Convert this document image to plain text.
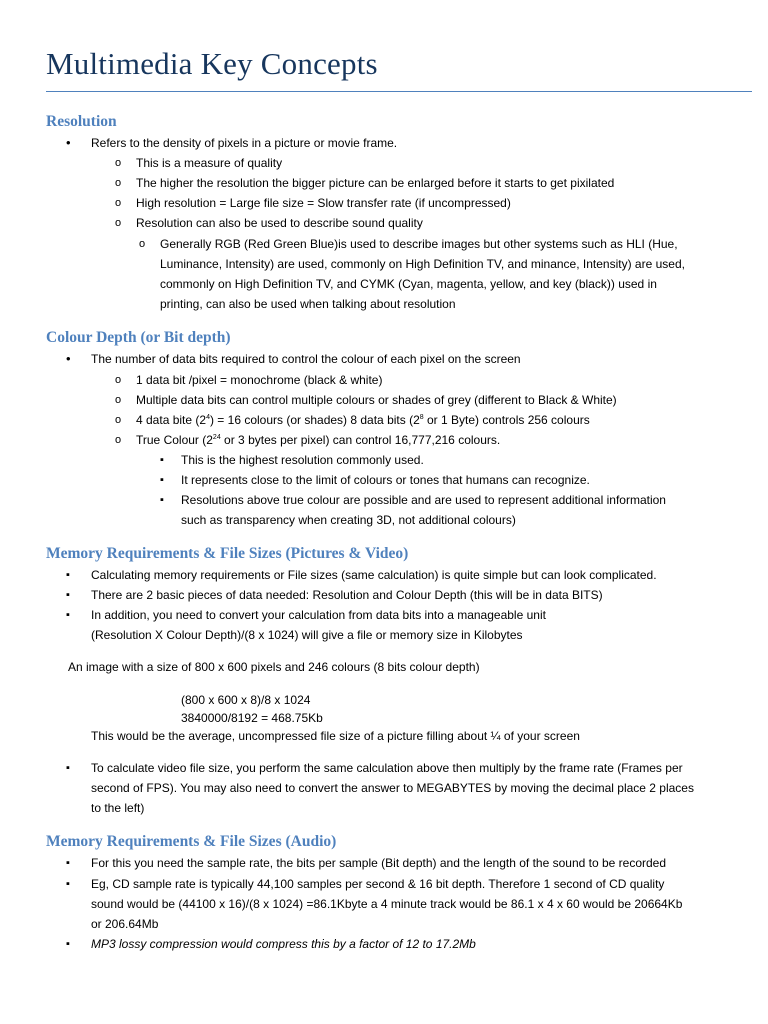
Multimedia Key Concepts
Resolution
• Refers to the density of pixels in a picture or movie frame.
o This is a measure of quality
o The higher the resolution the bigger picture can be enlarged before it starts to get pixilated
o High resolution = Large file size = Slow transfer rate (if uncompressed)
o Resolution can also be used to describe sound quality
o Generally RGB (Red Green Blue)is used to describe images but other systems such as HLI (Hue,
Luminance, Intensity) are used, commonly on High Definition TV, and minance, Intensity) are used,
commonly on High Definition TV, and CYMK (Cyan, magenta, yellow, and key (black)) used in
printing, can also be used when talking about resolution
Colour Depth (or Bit depth)
• The number of data bits required to control the colour of each pixel on the screen
o 1 data bit /pixel = monochrome (black & white)
o Multiple data bits can control multiple colours or shades of grey (different to Black & White)
o 4 data bite $(2^4) = 16$ colours (or shades) 8 data bits ($2^8$ or 1 Byte) controls 256 colours
o True Colour ($2^{24}$ or 3 bytes per pixel) can control 16,777,216 colours.
▪ This is the highest resolution commonly used.
▪ It represents close to the limit of colours or tones that humans can recognize.
▪ Resolutions above true colour are possible and are used to represent additional information
such as transparency when creating 3D, not additional colours)
Memory Requirements & File Sizes (Pictures & Video)
▪ Calculating memory requirements or File sizes (same calculation) is quite simple but can look complicated.
▪ There are 2 basic pieces of data needed: Resolution and Colour Depth (this will be in data BITS)
▪ In addition, you need to convert your calculation from data bits into a manageable unit
(Resolution X Colour Depth)/(8 x 1024) will give a file or memory size in Kilobytes
An image with a size of 800 x 600 pixels and 246 colours (8 bits colour depth)
(800 x 600 x 8)/8 x 1024
3840000/8192 = 468.75Kb
This would be the average, uncompressed file size of a picture filling about ¼ of your screen
▪ To calculate video file size, you perform the same calculation above then multiply by the frame rate (Frames per
second of FPS). You may also need to convert the answer to MEGABYTES by moving the decimal place 2 places
to the left)
Memory Requirements & File Sizes (Audio)
▪ For this you need the sample rate, the bits per sample (Bit depth) and the length of the sound to be recorded
▪ Eg, CD sample rate is typically 44,100 samples per second & 16 bit depth. Therefore 1 second of CD quality
sound would be (44100 x 16)/(8 x 1024) =86.1Kbyte a 4 minute track would be 86.1 x 4 x 60 would be 20664Kb
or 206.64Mb
▪ MP3 lossy compression would compress this by a factor of 12 to 17.2Mb
